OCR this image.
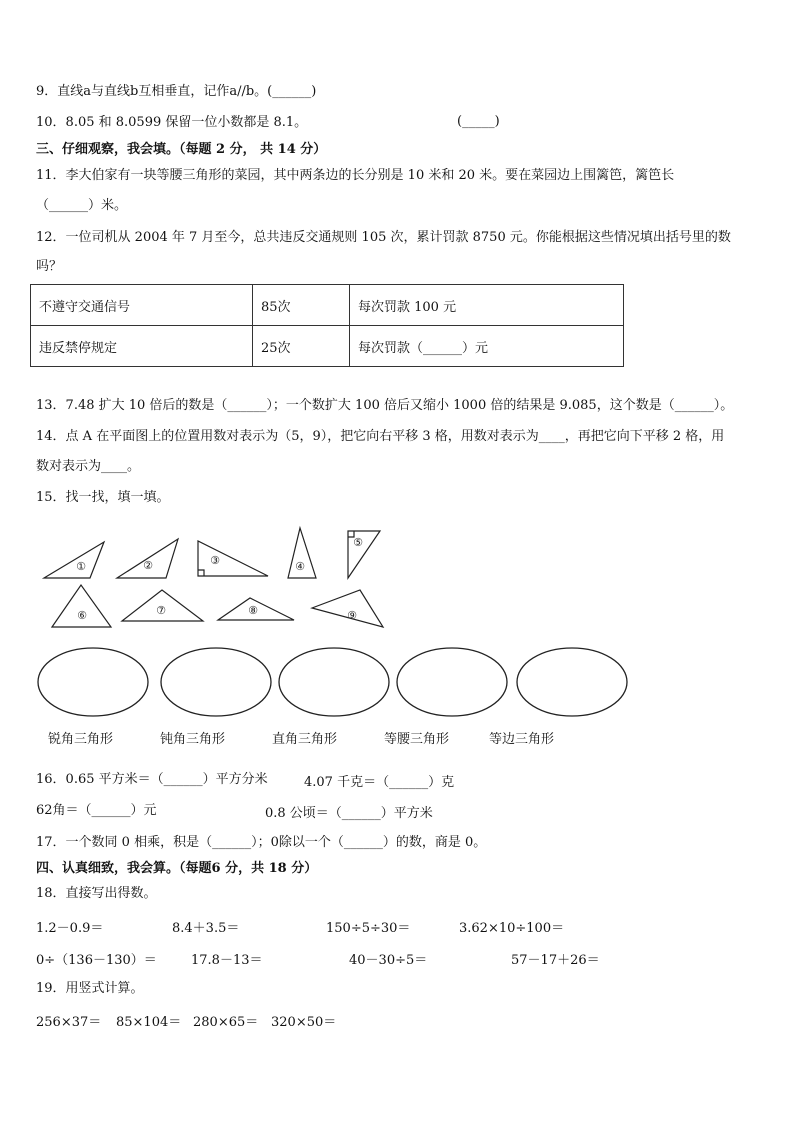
9．直线a与直线b互相垂直，记作a//b。(______)
10．8.05 和 8.0599 保留一位小数都是 8.1。	(_____)
三、仔细观察，我会填。（每题 2 分， 共 14 分）
11．李大伯家有一块等腰三角形的菜园，其中两条边的长分别是 10 米和 20 米。要在菜园边上围篱笆，篱笆长
（______）米。
12．一位司机从 2004 年 7 月至今，总共违反交通规则 105 次，累计罚款 8750 元。你能根据这些情况填出括号里的数
吗？
不遵守交通信号	85次	每次罚款 100 元
违反禁停规定	25次	每次罚款（______）元
13．7.48 扩大 10 倍后的数是（______）；一个数扩大 100 倍后又缩小 1000 倍的结果是 9.085，这个数是（______）。
14．点 A 在平面图上的位置用数对表示为（5，9），把它向右平移 3 格，用数对表示为____，再把它向下平移 2 格，用
数对表示为____。
15．找一找，填一填。
①	②	③	④
⑤
⑥	⑦	⑧	⑨
锐角三角形	钝角三角形	直角三角形	等腰三角形	等边三角形
16．0.65 平方米＝（______）平方分米	4.07 千克＝（______）克
62角＝（______）元	0.8 公顷＝（______）平方米
17．一个数同 0 相乘，积是（______）；0除以一个（______）的数，商是 0。
四、认真细致，我会算。（每题6 分，共 18 分）
18．直接写出得数。
1.2－0.9＝	8.4＋3.5＝	150÷5÷30＝	3.62×10÷100＝
0÷（136－130）＝	17.8－13＝	40－30÷5＝	57－17＋26＝
19．用竖式计算。
256×37＝ 85×104＝ 280×65＝ 320×50＝
